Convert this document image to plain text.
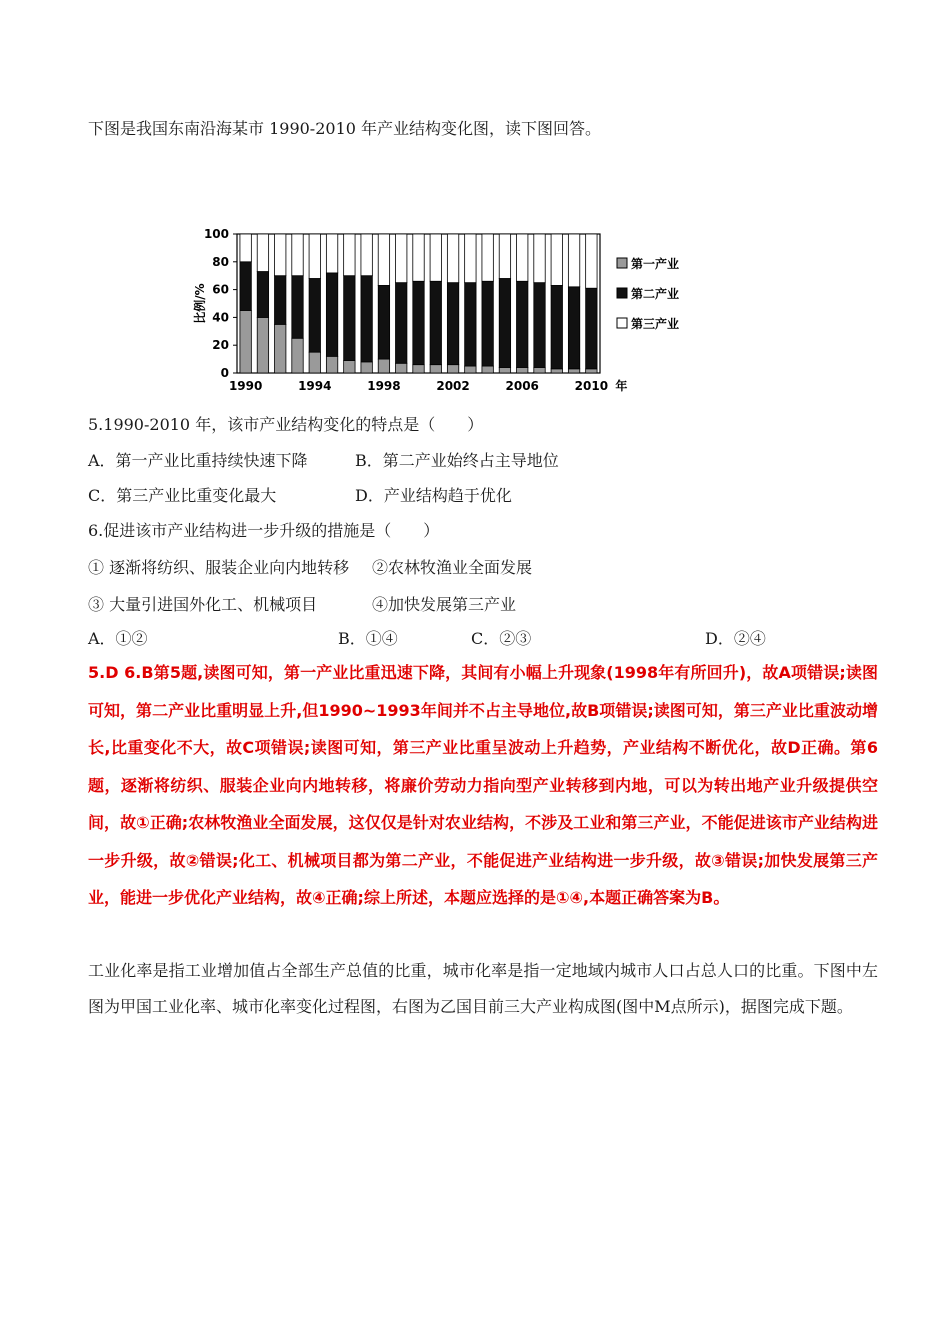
下图是我国东南沿海某市 1990-2010 年产业结构变化图，读下图回答。
0
20
40
60
80
100
比例/%
1990	1994	1998	2002	2006	2010 年
第一产业
第二产业
第三产业
5.1990-2010 年，该市产业结构变化的特点是（　　）
A．第一产业比重持续快速下降	B．第二产业始终占主导地位
C．第三产业比重变化最大	D．产业结构趋于优化
6.促进该市产业结构进一步升级的措施是（　　）
① 逐渐将纺织、服装企业向内地转移 ②农林牧渔业全面发展
③ 大量引进国外化工、机械项目	④加快发展第三产业
A．①②	B．①④	C．②③	D．②④
5.D 6.B第5题,读图可知，第一产业比重迅速下降，其间有小幅上升现象(1998年有所回升)，故A项错误;读图可知，第二产业比重明显上升,但1990~1993年间并不占主导地位,故B项错误;读图可知，第三产业比重波动增长,比重变化不大，故C项错误;读图可知，第三产业比重呈波动上升趋势，产业结构不断优化，故D正确。第6题，逐渐将纺织、服装企业向内地转移，将廉价劳动力指向型产业转移到内地，可以为转出地产业升级提供空间，故①正确;农林牧渔业全面发展，这仅仅是针对农业结构，不涉及工业和第三产业，不能促进该市产业结构进一步升级，故②错误;化工、机械项目都为第二产业，不能促进产业结构进一步升级，故③错误;加快发展第三产业，能进一步优化产业结构，故④正确;综上所述，本题应选择的是①④,本题正确答案为B。
工业化率是指工业增加值占全部生产总值的比重，城市化率是指一定地域内城市人口占总人口的比重。下图中左图为甲国工业化率、城市化率变化过程图，右图为乙国目前三大产业构成图(图中M点所示)，据图完成下题。
